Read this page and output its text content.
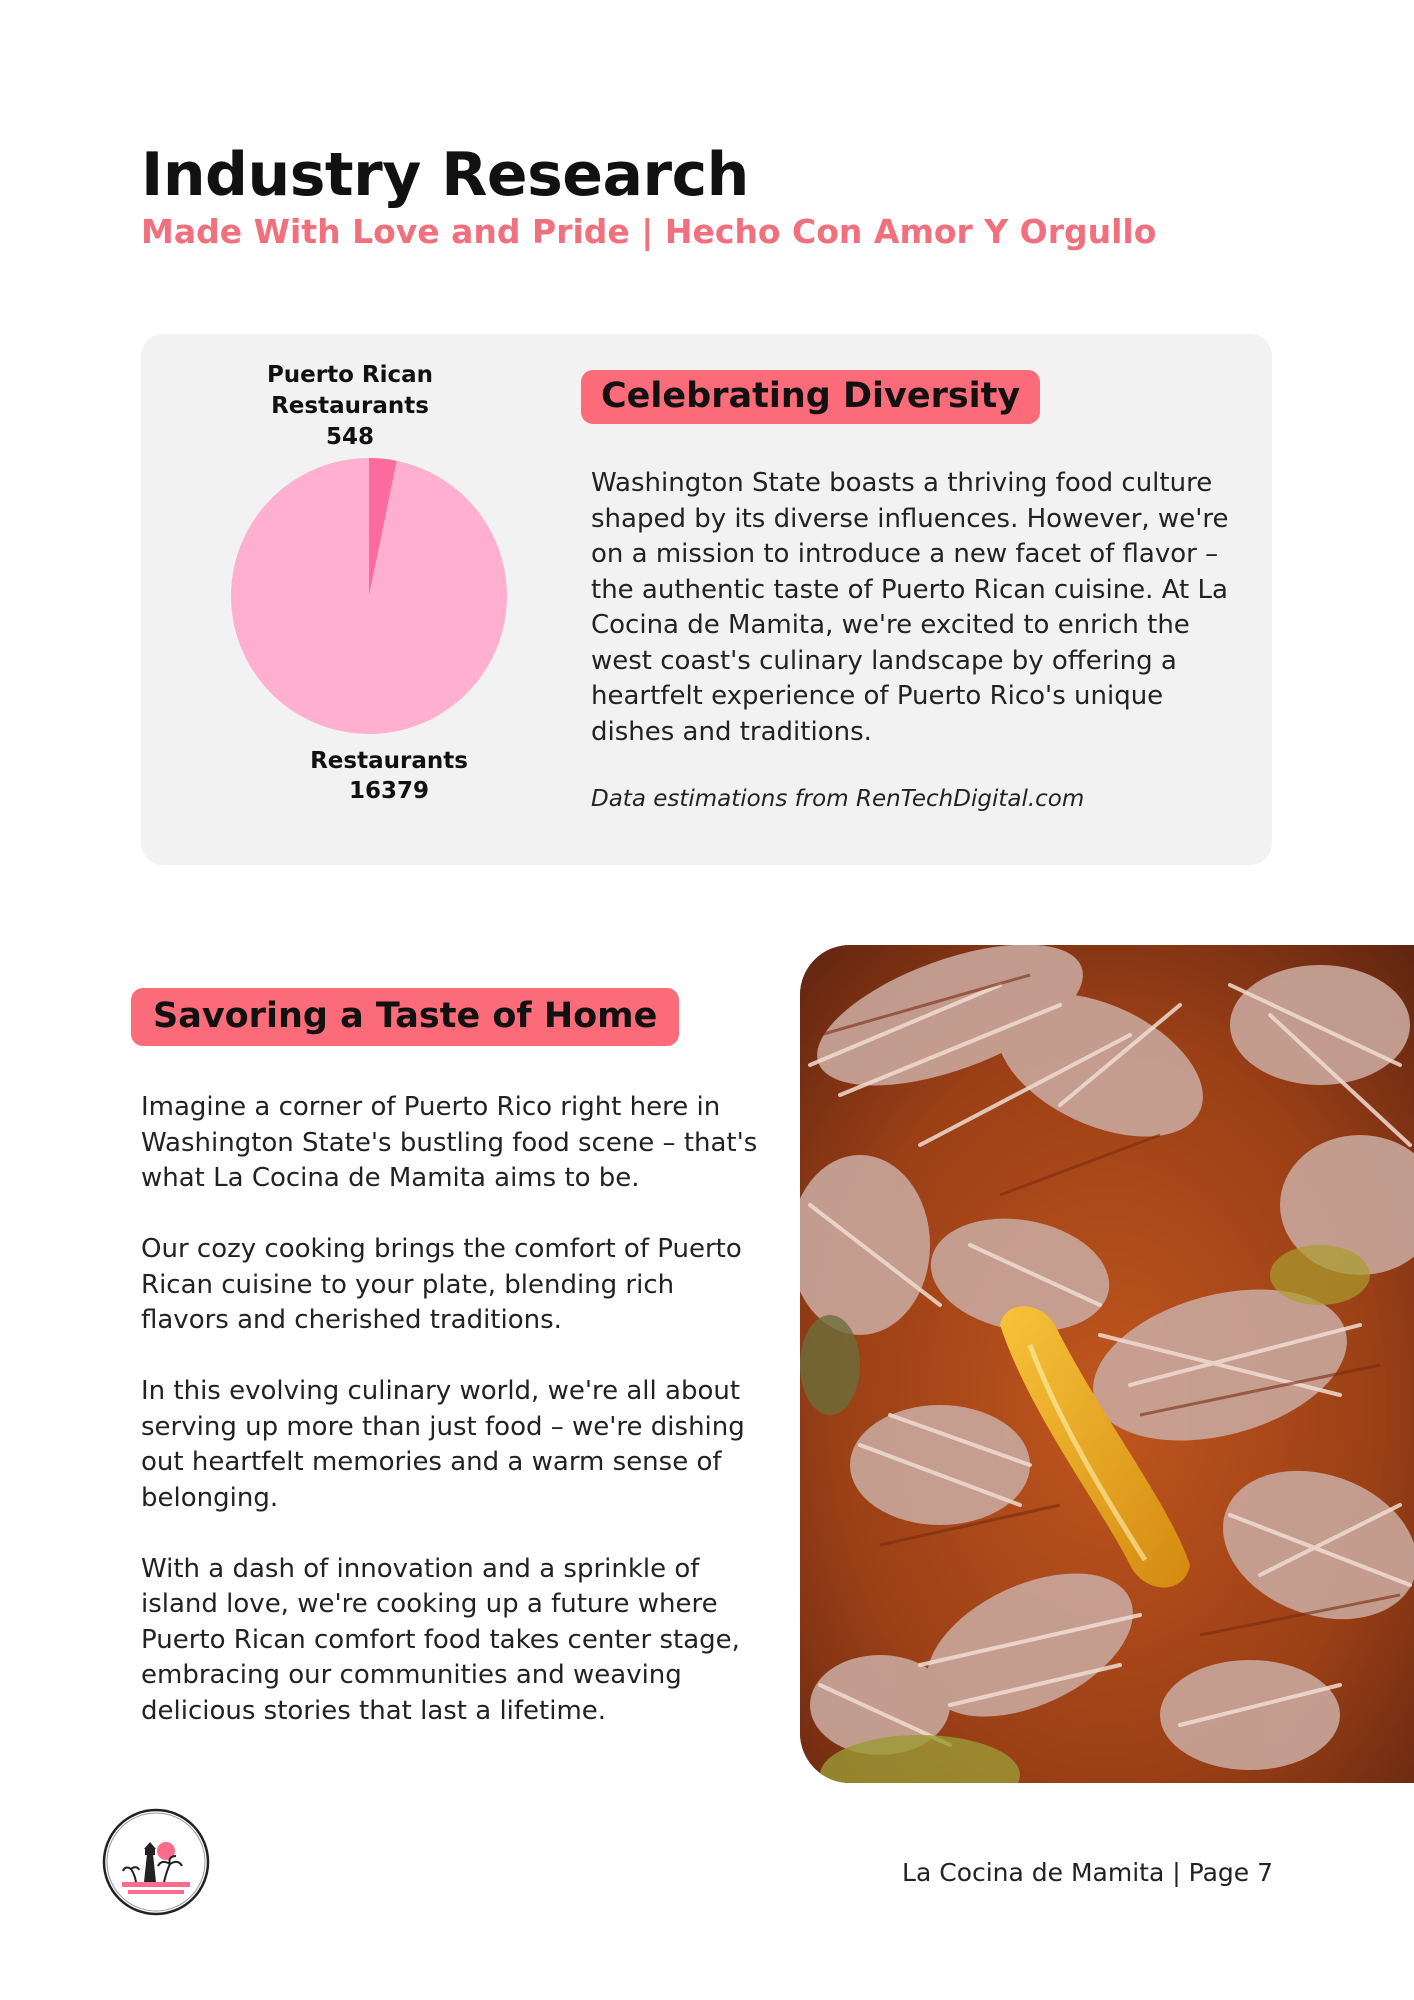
Industry Research
Made With Love and Pride | Hecho Con Amor Y Orgullo
Puerto Rican
Restaurants
548
Restaurants
16379
Celebrating Diversity

Washington State boasts a thriving food culture shaped by its diverse influences. However, we're on a mission to introduce a new facet of flavor – the authentic taste of Puerto Rican cuisine. At La Cocina de Mamita, we're excited to enrich the west coast's culinary landscape by offering a heartfelt experience of Puerto Rico's unique dishes and traditions.

Data estimations from RenTechDigital.com

Savoring a Taste of Home

Imagine a corner of Puerto Rico right here in Washington State's bustling food scene – that's what La Cocina de Mamita aims to be.

Our cozy cooking brings the comfort of Puerto Rican cuisine to your plate, blending rich flavors and cherished traditions.

In this evolving culinary world, we're all about serving up more than just food – we're dishing out heartfelt memories and a warm sense of belonging.

With a dash of innovation and a sprinkle of island love, we're cooking up a future where Puerto Rican comfort food takes center stage, embracing our communities and weaving delicious stories that last a lifetime.

La Cocina de Mamita | Page 7
